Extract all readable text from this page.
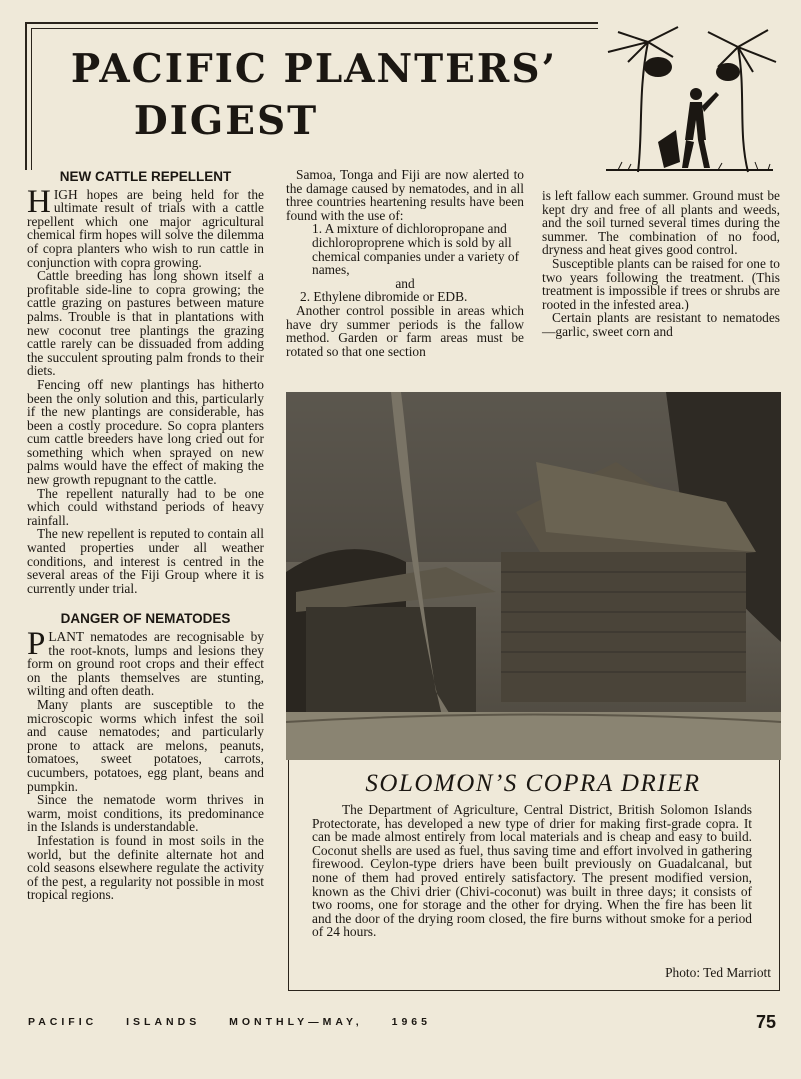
PACIFIC PLANTERS’
DIGEST
NEW CATTLE REPELLENT

HIGH hopes are being held for the ultimate result of trials with a cattle repellent which one major agricultural chemical firm hopes will solve the dilemma of copra planters who wish to run cattle in conjunction with copra growing.

Cattle breeding has long shown itself a profitable side-line to copra growing; the cattle grazing on pastures between mature palms. Trouble is that in plantations with new coconut tree plantings the grazing cattle rarely can be dissuaded from adding the succulent sprouting palm fronds to their diets.

Fencing off new plantings has hitherto been the only solution and this, particularly if the new plantings are considerable, has been a costly procedure. So copra planters cum cattle breeders have long cried out for something which when sprayed on new palms would have the effect of making the new growth repugnant to the cattle.

The repellent naturally had to be one which could withstand periods of heavy rainfall.

The new repellent is reputed to contain all wanted properties under all weather conditions, and interest is centred in the several areas of the Fiji Group where it is currently under trial.

DANGER OF NEMATODES

PLANT nematodes are recognisable by the root-knots, lumps and lesions they form on ground root crops and their effect on the plants themselves are stunting, wilting and often death.

Many plants are susceptible to the microscopic worms which infest the soil and cause nematodes; and particularly prone to attack are melons, peanuts, tomatoes, sweet potatoes, carrots, cucumbers, potatoes, egg plant, beans and pumpkin.

Since the nematode worm thrives in warm, moist conditions, its predominance in the Islands is understandable.

Infestation is found in most soils in the world, but the definite alternate hot and cold seasons elsewhere regulate the activity of the pest, a regularity not possible in most tropical regions.

Samoa, Tonga and Fiji are now alerted to the damage caused by nematodes, and in all three countries heartening results have been found with the use of:

1. A mixture of dichloropropane and dichloroproprene which is sold by all chemical companies under a variety of names,

and

2. Ethylene dibromide or EDB.

Another control possible in areas which have dry summer periods is the fallow method. Garden or farm areas must be rotated so that one section

is left fallow each summer. Ground must be kept dry and free of all plants and weeds, and the soil turned several times during the summer. The combination of no food, dryness and heat gives good control.

Susceptible plants can be raised for one to two years following the treatment. (This treatment is impossible if trees or shrubs are rooted in the infested area.)

Certain plants are resistant to nematodes—garlic, sweet corn and

SOLOMON’S COPRA DRIER

The Department of Agriculture, Central District, British Solomon Islands Protectorate, has developed a new type of drier for making first-grade copra. It can be made almost entirely from local materials and is cheap and easy to build. Coconut shells are used as fuel, thus saving time and effort involved in gathering firewood. Ceylon-type driers have been built previously on Guadalcanal, but none of them had proved entirely satisfactory. The present modified version, known as the Chivi drier (Chivi-coconut) was built in three days; it consists of two rooms, one for storage and the other for drying. When the fire has been lit and the door of the drying room closed, the fire burns without smoke for a period of 24 hours.

Photo: Ted Marriott
PACIFIC ISLANDS MONTHLY—MAY, 1965	75
